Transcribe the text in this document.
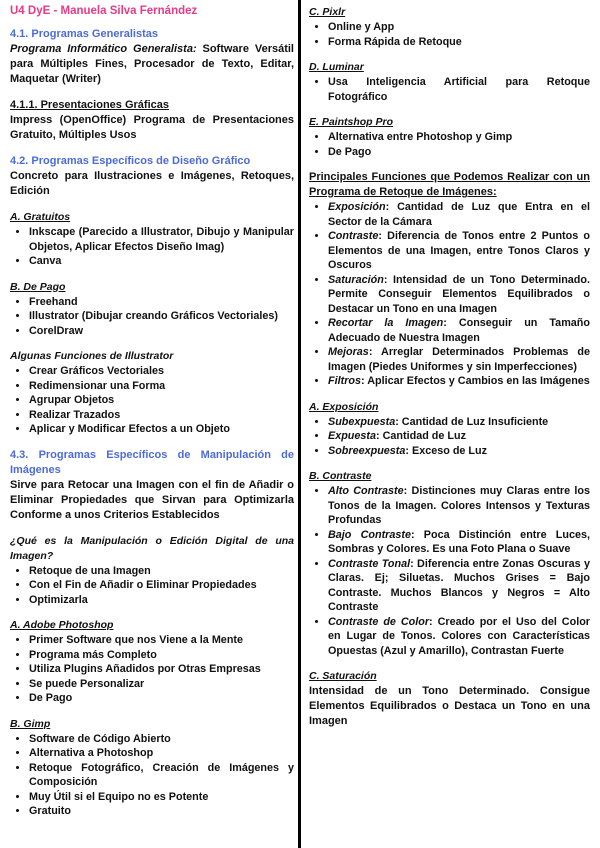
U4 DyE - Manuela Silva Fernández
4.1. Programas Generalistas

Programa Informático Generalista: Software Versátil para Múltiples Fines, Procesador de Texto, Editar, Maquetar (Writer)

4.1.1. Presentaciones Gráficas

Impress (OpenOffice) Programa de Presentaciones Gratuito, Múltiples Usos

4.2. Programas Específicos de Diseño Gráfico

Concreto para Ilustraciones e Imágenes, Retoques, Edición

A. Gratuitos
• Inkscape (Parecido a Illustrator, Dibujo y Manipular Objetos, Aplicar Efectos Diseño Imag)
• Canva
B. De Pago
• Freehand
• Illustrator (Dibujar creando Gráficos Vectoriales)
• CorelDraw
Algunas Funciones de Illustrator
• Crear Gráficos Vectoriales
• Redimensionar una Forma
• Agrupar Objetos
• Realizar Trazados
• Aplicar y Modificar Efectos a un Objeto
4.3. Programas Específicos de Manipulación de Imágenes

Sirve para Retocar una Imagen con el fin de Añadir o Eliminar Propiedades que Sirvan para Optimizarla Conforme a unos Criterios Establecidos

¿Qué es la Manipulación o Edición Digital de una Imagen?
• Retoque de una Imagen
• Con el Fin de Añadir o Eliminar Propiedades
• Optimizarla
A. Adobe Photoshop
• Primer Software que nos Viene a la Mente
• Programa más Completo
• Utiliza Plugins Añadidos por Otras Empresas
• Se puede Personalizar
• De Pago
B. Gimp
• Software de Código Abierto
• Alternativa a Photoshop
• Retoque Fotográfico, Creación de Imágenes y Composición
• Muy Útil si el Equipo no es Potente
• Gratuito
C. Pixlr
• Online y App
• Forma Rápida de Retoque
D. Luminar
• Usa Inteligencia Artificial para Retoque Fotográfico
E. Paintshop Pro
• Alternativa entre Photoshop y Gimp
• De Pago
Principales Funciones que Podemos Realizar con un Programa de Retoque de Imágenes:
• Exposición: Cantidad de Luz que Entra en el Sector de la Cámara
• Contraste: Diferencia de Tonos entre 2 Puntos o Elementos de una Imagen, entre Tonos Claros y Oscuros
• Saturación: Intensidad de un Tono Determinado. Permite Conseguir Elementos Equilibrados o Destacar un Tono en una Imagen
• Recortar la Imagen: Conseguir un Tamaño Adecuado de Nuestra Imagen
• Mejoras: Arreglar Determinados Problemas de Imagen (Piedes Uniformes y sin Imperfecciones)
• Filtros: Aplicar Efectos y Cambios en las Imágenes
A. Exposición
• Subexpuesta: Cantidad de Luz Insuficiente
• Expuesta: Cantidad de Luz
• Sobreexpuesta: Exceso de Luz
B. Contraste
• Alto Contraste: Distinciones muy Claras entre los Tonos de la Imagen. Colores Intensos y Texturas Profundas
• Bajo Contraste: Poca Distinción entre Luces, Sombras y Colores. Es una Foto Plana o Suave
• Contraste Tonal: Diferencia entre Zonas Oscuras y Claras. Ej; Siluetas. Muchos Grises = Bajo Contraste. Muchos Blancos y Negros = Alto Contraste
• Contraste de Color: Creado por el Uso del Color en Lugar de Tonos. Colores con Características Opuestas (Azul y Amarillo), Contrastan Fuerte
C. Saturación

Intensidad de un Tono Determinado. Consigue Elementos Equilibrados o Destaca un Tono en una Imagen
